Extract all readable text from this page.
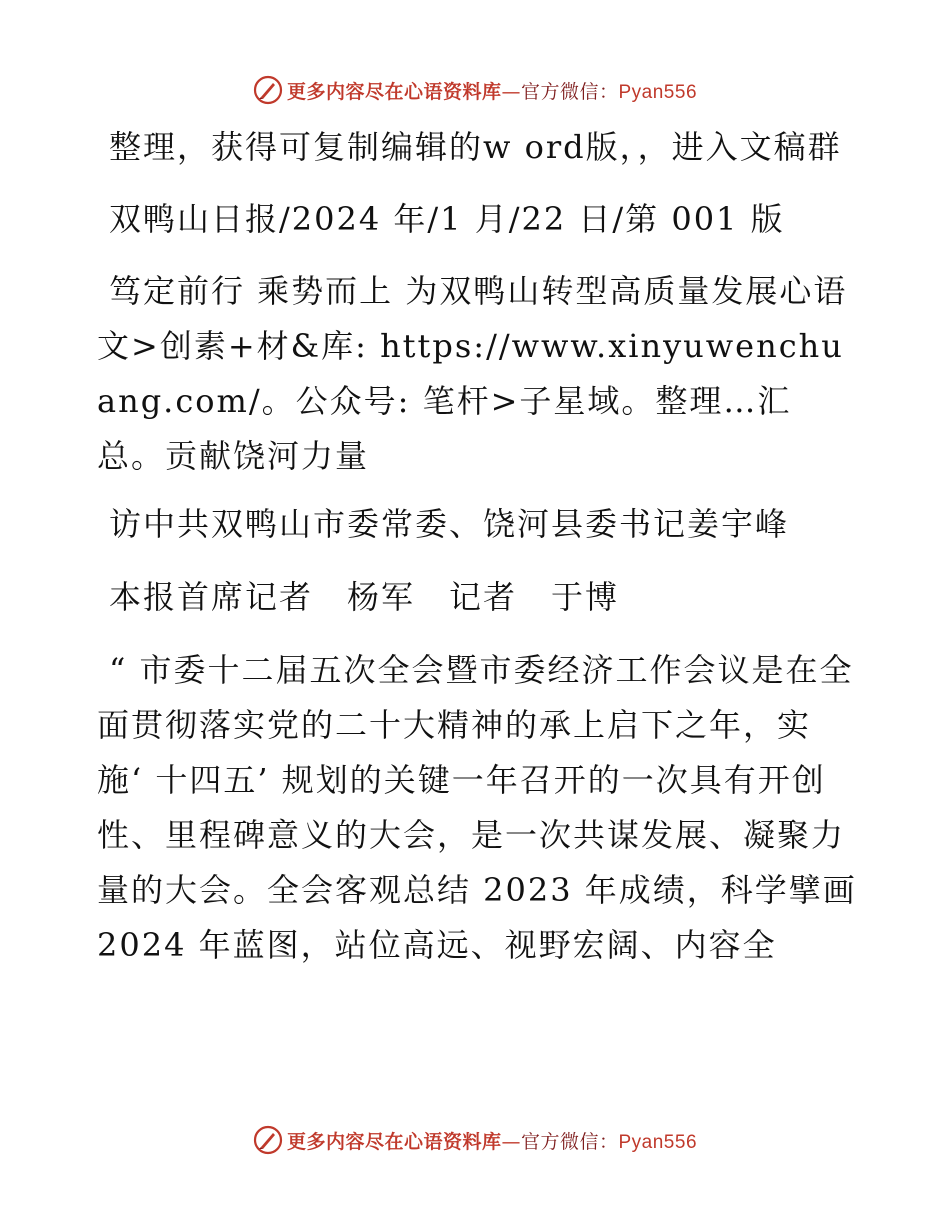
更多内容尽在心语资料库—官方微信：Pyan556

整理，获得可复制编辑的w ord版，，进入文稿群

双鸭山日报/2024 年/1 月/22 日/第 001 版

笃定前行 乘势而上 为双鸭山转型高质量发展心语文>创素+材&库: https://www.xinyuwenchuang.com/。公众号: 笔杆>子星域。整理…汇总。贡献饶河力量

访中共双鸭山市委常委、饶河县委书记姜宇峰

本报首席记者　杨军　记者　于博

“ 市委十二届五次全会暨市委经济工作会议是在全面贯彻落实党的二十大精神的承上启下之年，实施‘ 十四五’ 规划的关键一年召开的一次具有开创性、里程碑意义的大会，是一次共谋发展、凝聚力量的大会。全会客观总结 2023 年成绩，科学擘画 2024 年蓝图，站位高远、视野宏阔、内容全

更多内容尽在心语资料库—官方微信：Pyan556
